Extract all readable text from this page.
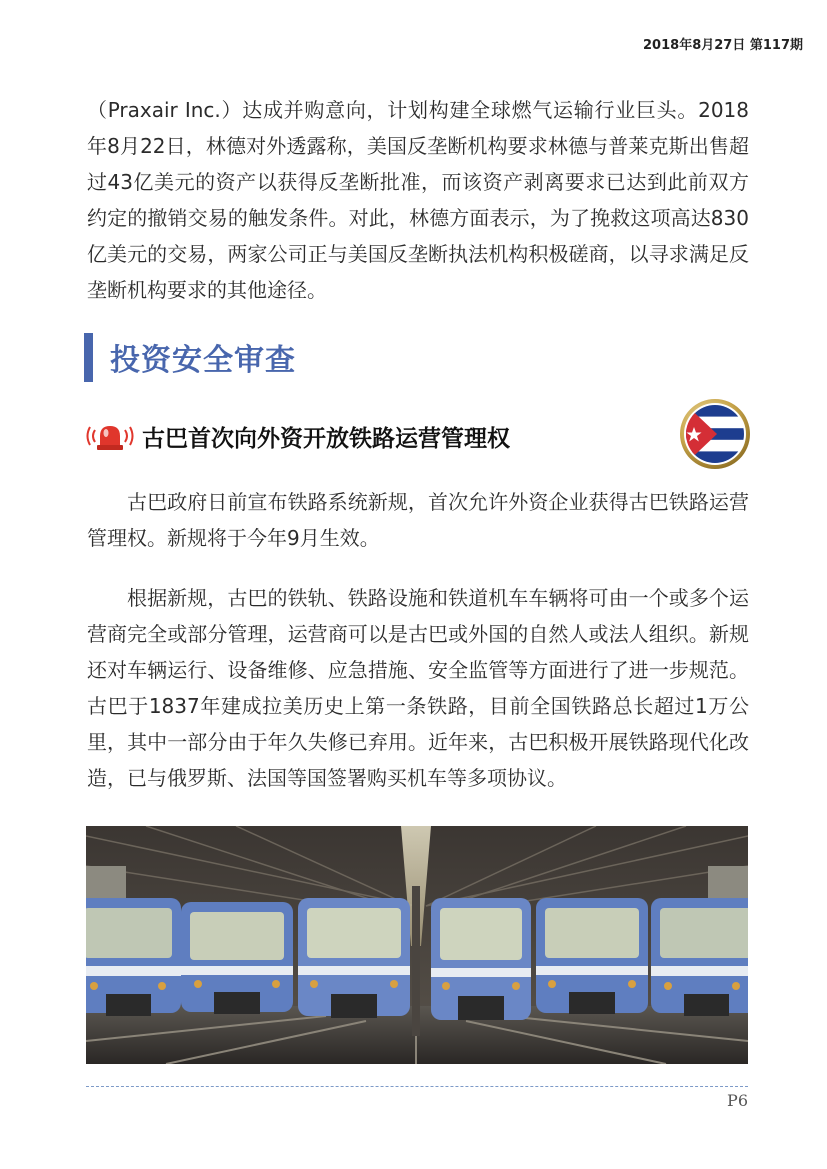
2018年8月27日 第117期

（Praxair Inc.）达成并购意向，计划构建全球燃气运输行业巨头。2018年8月22日，林德对外透露称，美国反垄断机构要求林德与普莱克斯出售超过43亿美元的资产以获得反垄断批准，而该资产剥离要求已达到此前双方约定的撤销交易的触发条件。对此，林德方面表示，为了挽救这项高达830亿美元的交易，两家公司正与美国反垄断执法机构积极磋商，以寻求满足反垄断机构要求的其他途径。

投资安全审查
古巴首次向外资开放铁路运营管理权

古巴政府日前宣布铁路系统新规，首次允许外资企业获得古巴铁路运营管理权。新规将于今年9月生效。

根据新规，古巴的铁轨、铁路设施和铁道机车车辆将可由一个或多个运营商完全或部分管理，运营商可以是古巴或外国的自然人或法人组织。新规还对车辆运行、设备维修、应急措施、安全监管等方面进行了进一步规范。 古巴于1837年建成拉美历史上第一条铁路，目前全国铁路总长超过1万公里，其中一部分由于年久失修已弃用。近年来，古巴积极开展铁路现代化改造，已与俄罗斯、法国等国签署购买机车等多项协议。

P6
